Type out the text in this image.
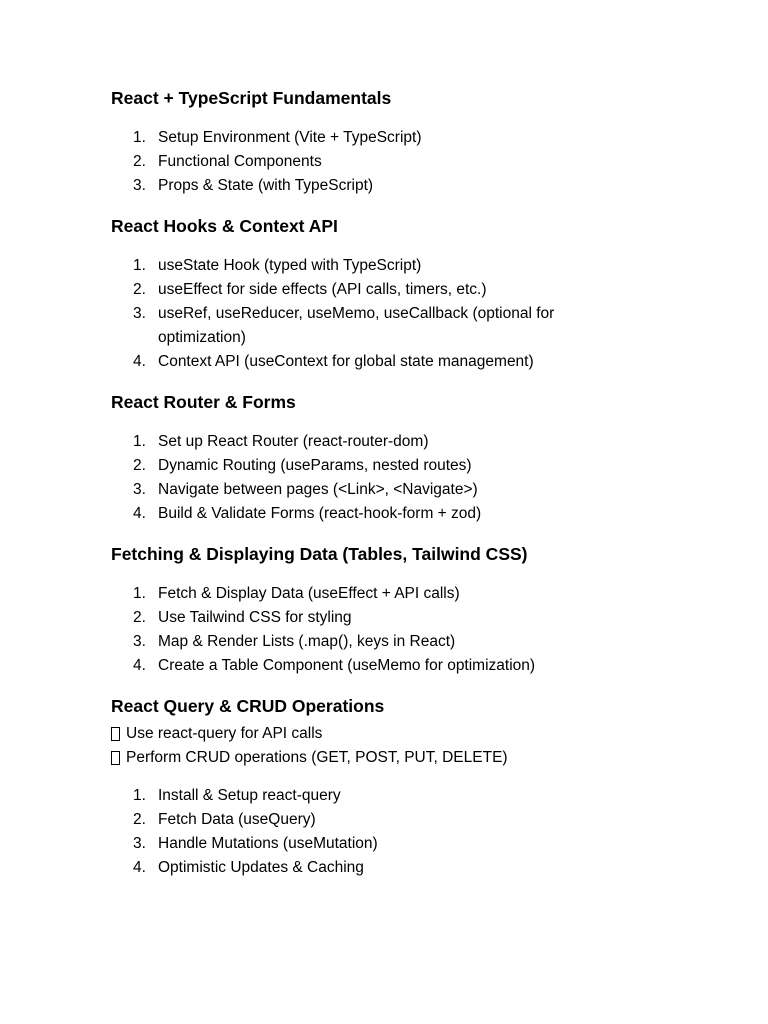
React + TypeScript Fundamentals
1. Setup Environment (Vite + TypeScript)
2. Functional Components
3. Props & State (with TypeScript)
React Hooks & Context API
1. useState Hook (typed with TypeScript)
2. useEffect for side effects (API calls, timers, etc.)
3. useRef, useReducer, useMemo, useCallback (optional for optimization)
4. Context API (useContext for global state management)
React Router & Forms
1. Set up React Router (react-router-dom)
2. Dynamic Routing (useParams, nested routes)
3. Navigate between pages (<Link>, <Navigate>)
4. Build & Validate Forms (react-hook-form + zod)
Fetching & Displaying Data (Tables, Tailwind CSS)
1. Fetch & Display Data (useEffect + API calls)
2. Use Tailwind CSS for styling
3. Map & Render Lists (.map(), keys in React)
4. Create a Table Component (useMemo for optimization)
React Query & CRUD Operations
Use react-query for API calls
Perform CRUD operations (GET, POST, PUT, DELETE)
1. Install & Setup react-query
2. Fetch Data (useQuery)
3. Handle Mutations (useMutation)
4. Optimistic Updates & Caching
